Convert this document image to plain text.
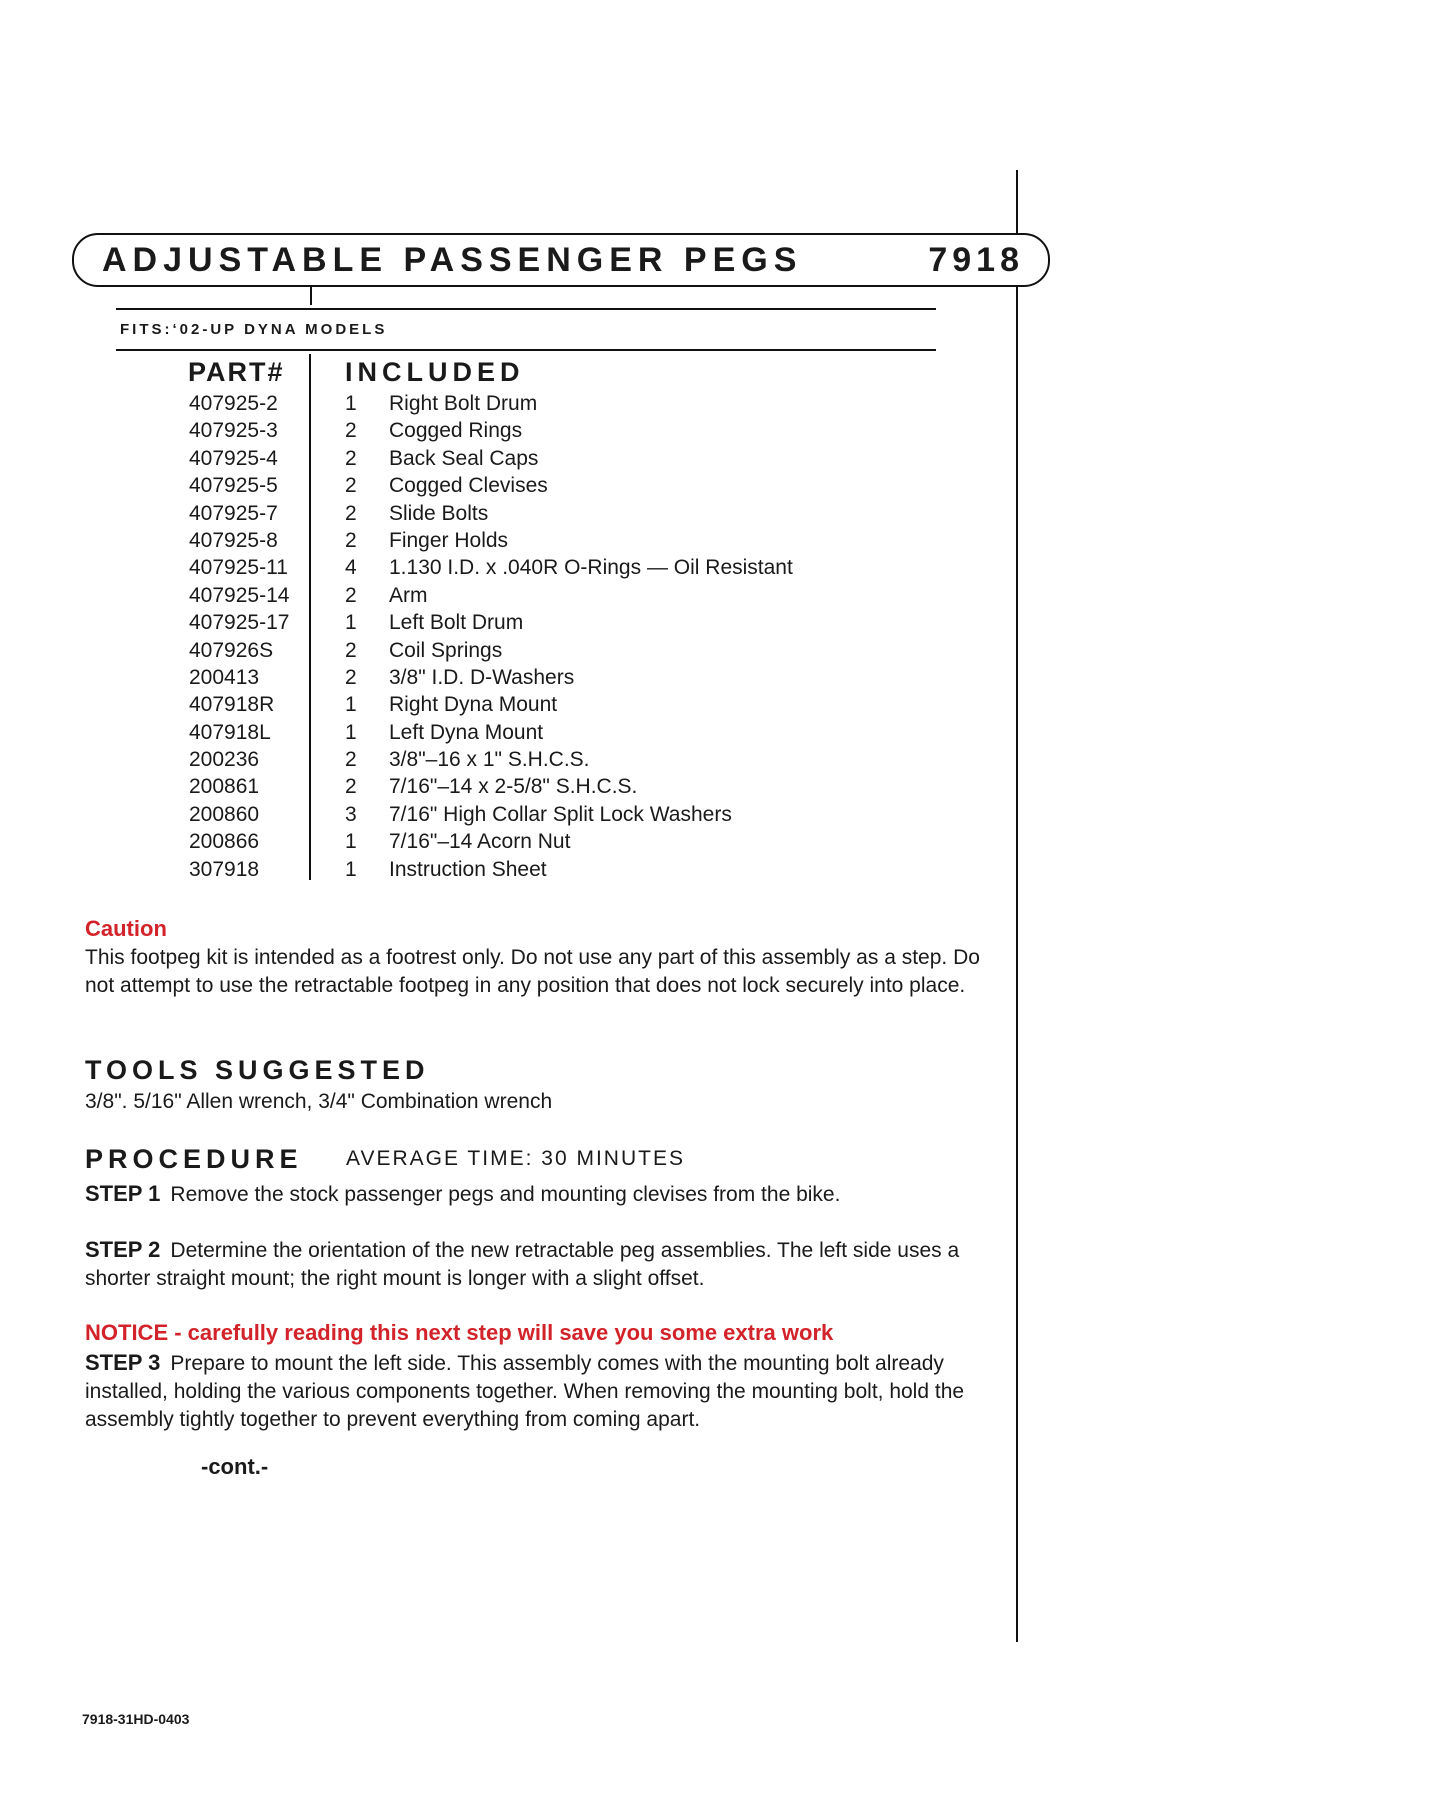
ADJUSTABLE PASSENGER PEGS	7918
FITS:‘02-UP DYNA MODELS
PART# INCLUDED
407925-2	1 Right Bolt Drum
407925-3	2 Cogged Rings
407925-4	2 Back Seal Caps
407925-5	2 Cogged Clevises
407925-7	2 Slide Bolts
407925-8	2 Finger Holds
407925-11	4 1.130 I.D. x .040R O-Rings — Oil Resistant
407925-14	2 Arm
407925-17	1 Left Bolt Drum
407926S	2 Coil Springs
200413	2 3/8" I.D. D-Washers
407918R	1 Right Dyna Mount
407918L	1 Left Dyna Mount
200236	2 3/8"–16 x 1" S.H.C.S.
200861	2 7/16"–14 x 2-5/8" S.H.C.S.
200860	3 7/16" High Collar Split Lock Washers
200866	1 7/16"–14 Acorn Nut
307918	1 Instruction Sheet
Caution
This footpeg kit is intended as a footrest only. Do not use any part of this assembly as a step. Do not attempt to use the retractable footpeg in any position that does not lock securely into place.
TOOLS SUGGESTED
3/8". 5/16" Allen wrench, 3/4" Combination wrench
PROCEDURE AVERAGE TIME: 30 MINUTES
STEP 1 Remove the stock passenger pegs and mounting clevises from the bike.
STEP 2 Determine the orientation of the new retractable peg assemblies. The left side uses a shorter straight mount; the right mount is longer with a slight offset.
NOTICE - carefully reading this next step will save you some extra work
STEP 3 Prepare to mount the left side. This assembly comes with the mounting bolt already installed, holding the various components together. When removing the mounting bolt, hold the assembly tightly together to prevent everything from coming apart.
-cont.-
7918-31HD-0403
